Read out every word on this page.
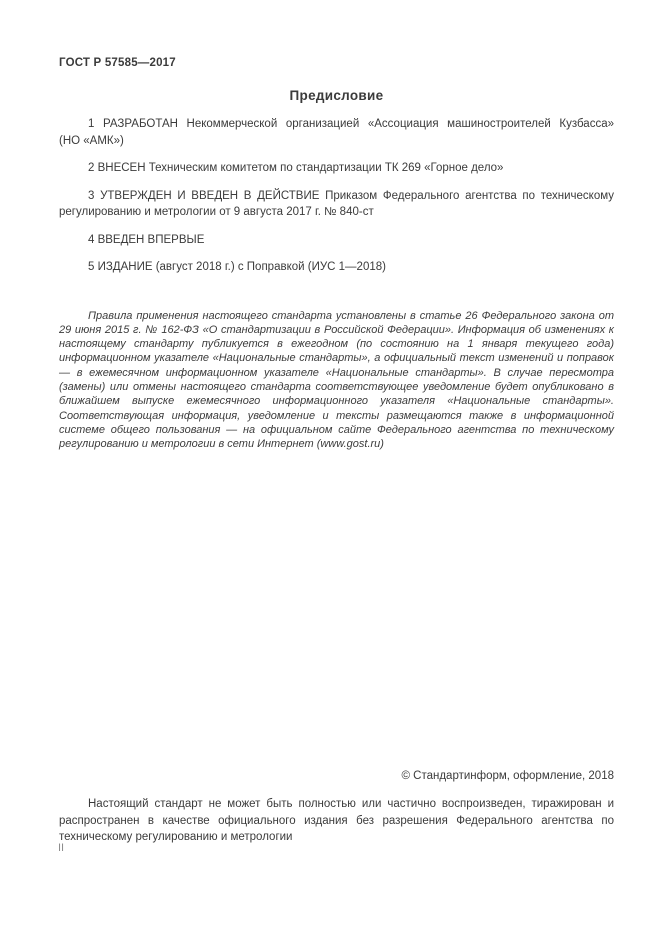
ГОСТ Р 57585—2017
Предисловие

1 РАЗРАБОТАН Некоммерческой организацией «Ассоциация машиностроителей Кузбасса»
(НО «АМК»)

2 ВНЕСЕН Техническим комитетом по стандартизации ТК 269 «Горное дело»

3 УТВЕРЖДЕН И ВВЕДЕН В ДЕЙСТВИЕ Приказом Федерального агентства по техническому регулированию и метрологии от 9 августа 2017 г. № 840-ст

4 ВВЕДЕН ВПЕРВЫЕ

5 ИЗДАНИЕ (август 2018 г.) с Поправкой (ИУС 1—2018)

Правила применения настоящего стандарта установлены в статье 26 Федерального закона от 29 июня 2015 г. № 162-ФЗ «О стандартизации в Российской Федерации». Информация об изменениях к настоящему стандарту публикуется в ежегодном (по состоянию на 1 января текущего года) информационном указателе «Национальные стандарты», а официальный текст изменений и поправок — в ежемесячном информационном указателе «Национальные стандарты». В случае пересмотра (замены) или отмены настоящего стандарта соответствующее уведомление будет опубликовано в ближайшем выпуске ежемесячного информационного указателя «Национальные стандарты». Соответствующая информация, уведомление и тексты размещаются также в информационной системе общего пользования — на официальном сайте Федерального агентства по техническому регулированию и метрологии в сети Интернет (www.gost.ru)

© Стандартинформ, оформление, 2018

Настоящий стандарт не может быть полностью или частично воспроизведен, тиражирован и распространен в качестве официального издания без разрешения Федерального агентства по техническому регулированию и метрологии

II
